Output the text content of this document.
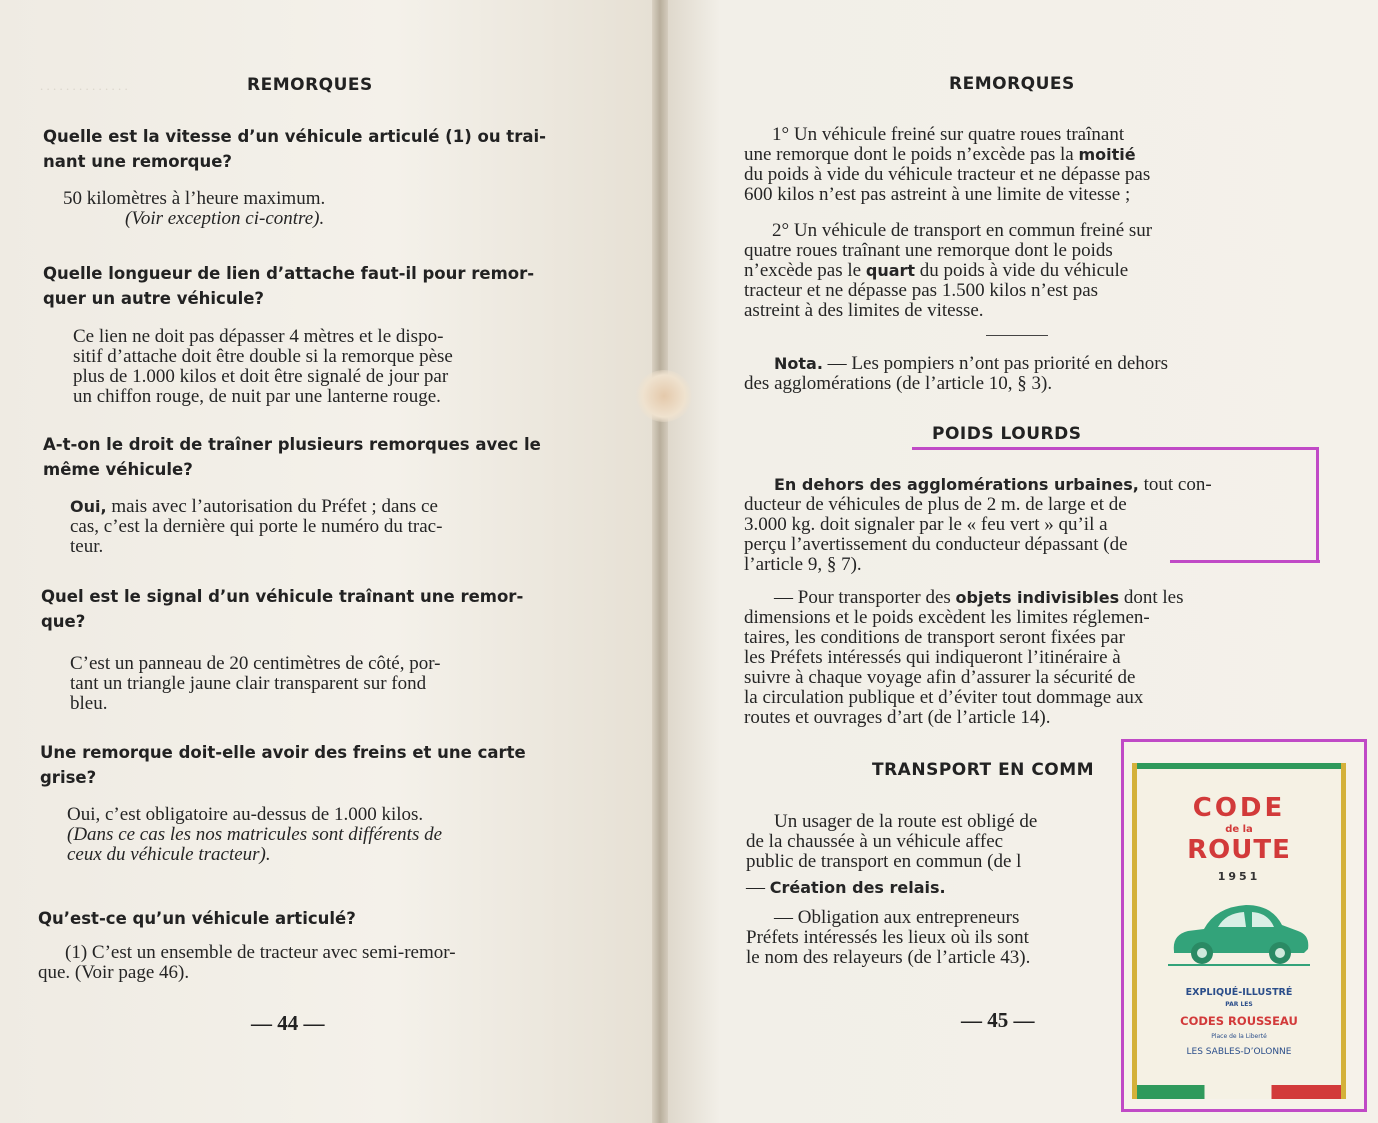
. . . . . . . . . . . . . .	REMORQUES
Quelle est la vitesse d’un véhicule articulé (1) ou trai-
nant une remorque?
50 kilomètres à l’heure maximum.
(Voir exception ci-contre).
Quelle longueur de lien d’attache faut-il pour remor-
quer un autre véhicule?
Ce lien ne doit pas dépasser 4 mètres et le dispo-
sitif d’attache doit être double si la remorque pèse
plus de 1.000 kilos et doit être signalé de jour par
un chiffon rouge, de nuit par une lanterne rouge.
A-t-on le droit de traîner plusieurs remorques avec le
même véhicule?
Oui, mais avec l’autorisation du Préfet ; dans ce
cas, c’est la dernière qui porte le numéro du trac-
teur.
Quel est le signal d’un véhicule traînant une remor-
que?
C’est un panneau de 20 centimètres de côté, por-
tant un triangle jaune clair transparent sur fond
bleu.
Une remorque doit-elle avoir des freins et une carte
grise?
Oui, c’est obligatoire au-dessus de 1.000 kilos.
(Dans ce cas les nos matricules sont différents de
ceux du véhicule tracteur).
Qu’est-ce qu’un véhicule articulé?
(1) C’est un ensemble de tracteur avec semi-remor-
que. (Voir page 46).
— 44 —
REMORQUES
1° Un véhicule freiné sur quatre roues traînant
une remorque dont le poids n’excède pas la moitié
du poids à vide du véhicule tracteur et ne dépasse pas
600 kilos n’est pas astreint à une limite de vitesse ;
2° Un véhicule de transport en commun freiné sur
quatre roues traînant une remorque dont le poids
n’excède pas le quart du poids à vide du véhicule
tracteur et ne dépasse pas 1.500 kilos n’est pas
astreint à des limites de vitesse.
Nota. — Les pompiers n’ont pas priorité en dehors
des agglomérations (de l’article 10, § 3).
POIDS LOURDS
En dehors des agglomérations urbaines, tout con-
ducteur de véhicules de plus de 2 m. de large et de
3.000 kg. doit signaler par le « feu vert » qu’il a
perçu l’avertissement du conducteur dépassant (de
l’article 9, § 7).
— Pour transporter des objets indivisibles dont les
dimensions et le poids excèdent les limites réglemen-
taires, les conditions de transport seront fixées par
les Préfets intéressés qui indiqueront l’itinéraire à
suivre à chaque voyage afin d’assurer la sécurité de
la circulation publique et d’éviter tout dommage aux
routes et ouvrages d’art (de l’article 14).
TRANSPORT EN COMM
Un usager de la route est obligé de
de la chaussée à un véhicule affec
public de transport en commun (de l
— Création des relais.
— Obligation aux entrepreneurs
Préfets intéressés les lieux où ils sont
le nom des relayeurs (de l’article 43).
— 45 —
CODE
de la
ROUTE
1951
EXPLIQUÉ-ILLUSTRÉ
PAR LES
CODES ROUSSEAU
Place de la Liberté
LES SABLES-D’OLONNE
